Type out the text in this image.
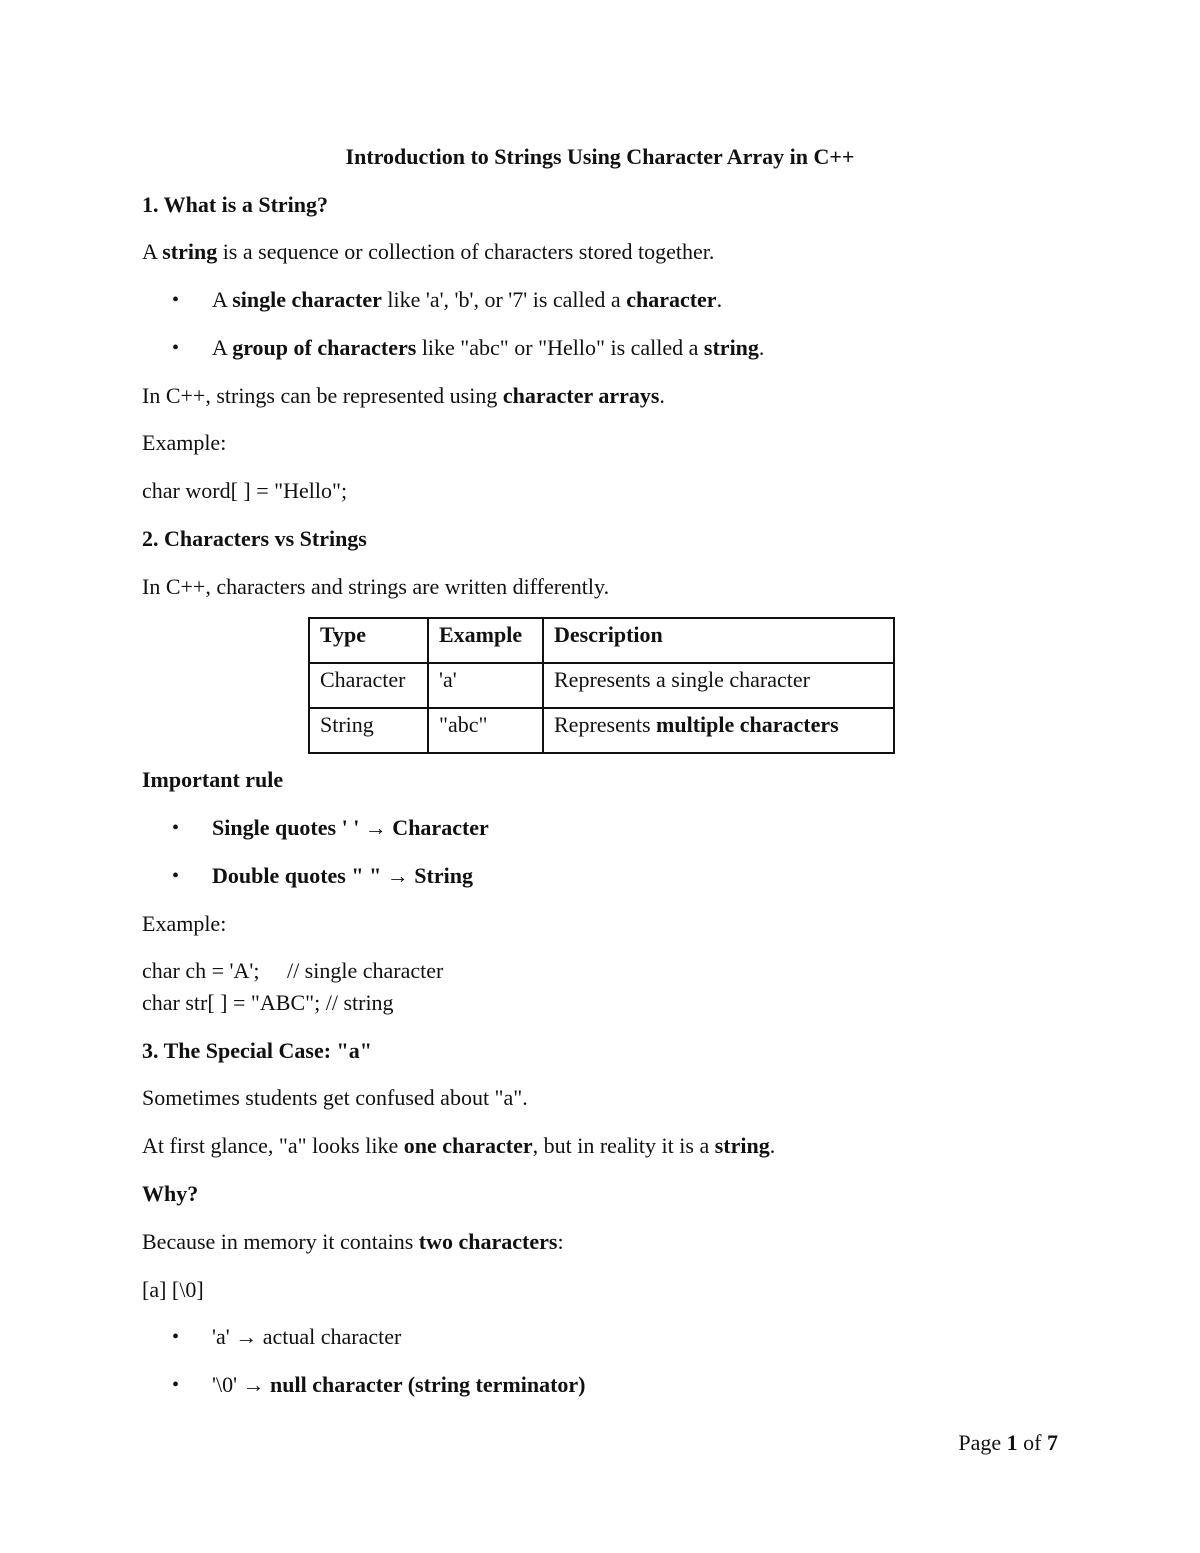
Introduction to Strings Using Character Array in C++
1. What is a String?
A string is a sequence or collection of characters stored together.
• A single character like 'a', 'b', or '7' is called a character.
• A group of characters like "abc" or "Hello" is called a string.
In C++, strings can be represented using character arrays.
Example:
char word[ ] = "Hello";
2. Characters vs Strings
In C++, characters and strings are written differently.
Type	Example	Description
Character	'a'	Represents a single character
String	"abc"	Represents multiple characters
Important rule
• Single quotes ' ' → Character
• Double quotes " " → String
Example:
char ch = 'A';     // single character
char str[ ] = "ABC"; // string
3. The Special Case: "a"
Sometimes students get confused about "a".
At first glance, "a" looks like one character, but in reality it is a string.
Why?
Because in memory it contains two characters:
[a] [\0]
• 'a' → actual character
• '\0' → null character (string terminator)
Page 1 of 7
